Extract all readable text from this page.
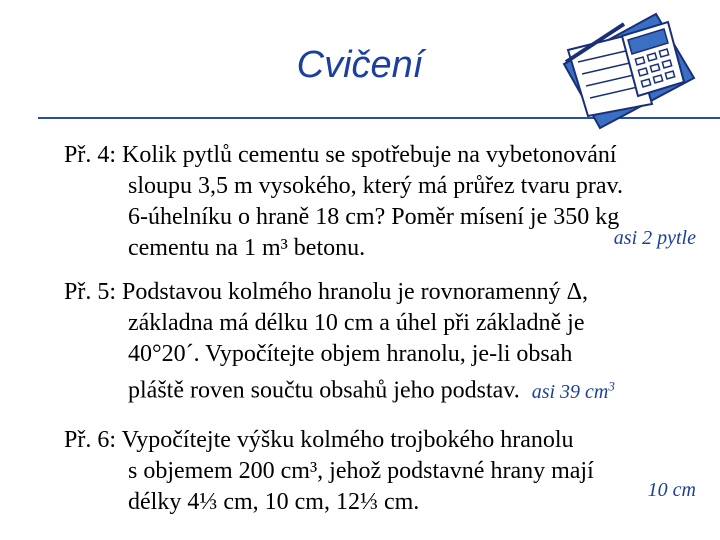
Cvičení
Př. 4: Kolik pytlů cementu se spotřebuje na vybetonování
sloupu 3,5 m vysokého, který má průřez tvaru prav.
6-úhelníku o hraně 18 cm? Poměr mísení je 350 kg
cementu na 1 m³ betonu.	asi 2 pytle
Př. 5: Podstavou kolmého hranolu je rovnoramenný Δ,
základna má délku 10 cm a úhel při základně je
40°20´. Vypočítejte objem hranolu, je-li obsah
pláště roven součtu obsahů jeho podstav. asi 39 $cm^3$
Př. 6: Vypočítejte výšku kolmého trojbokého hranolu
s objemem 200 cm³, jehož podstavné hrany mají
délky 4⅓ cm, 10 cm, 12⅓ cm.	10 cm
